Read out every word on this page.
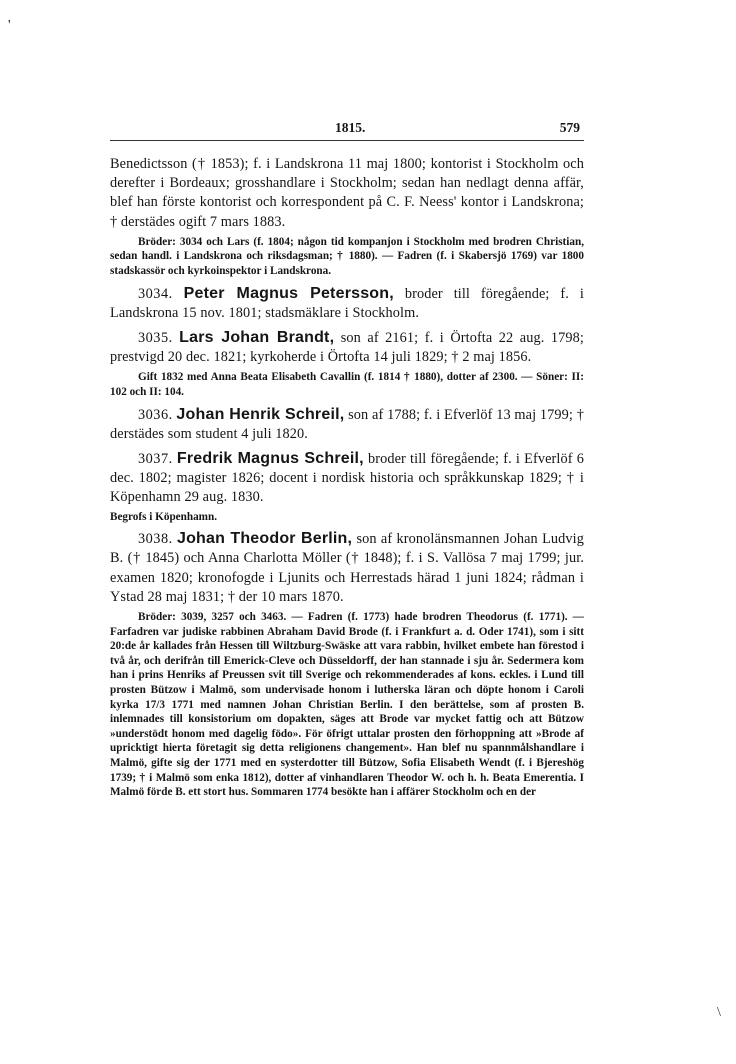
'
\
1815.	579

Benedictsson († 1853); f. i Landskrona 11 maj 1800; kontorist i Stockholm och derefter i Bordeaux; grosshandlare i Stockholm; sedan han nedlagt denna affär, blef han förste kontorist och korrespondent på C. F. Neess' kontor i Landskrona; † derstädes ogift 7 mars 1883.

Bröder: 3034 och Lars (f. 1804; någon tid kompanjon i Stockholm med brodren Christian, sedan handl. i Landskrona och riksdagsman; † 1880). — Fadren (f. i Skabersjö 1769) var 1800 stadskassör och kyrkoinspektor i Landskrona.

3034. Peter Magnus Petersson, broder till föregående; f. i Landskrona 15 nov. 1801; stadsmäklare i Stockholm.

3035. Lars Johan Brandt, son af 2161; f. i Örtofta 22 aug. 1798; prestvigd 20 dec. 1821; kyrkoherde i Örtofta 14 juli 1829; † 2 maj 1856.

Gift 1832 med Anna Beata Elisabeth Cavallin (f. 1814 † 1880), dotter af 2300. — Söner: II: 102 och II: 104.

3036. Johan Henrik Schreil, son af 1788; f. i Efverlöf 13 maj 1799; † derstädes som student 4 juli 1820.

3037. Fredrik Magnus Schreil, broder till föregående; f. i Efverlöf 6 dec. 1802; magister 1826; docent i nordisk historia och språkkunskap 1829; † i Köpenhamn 29 aug. 1830.

Begrofs i Köpenhamn.

3038. Johan Theodor Berlin, son af kronolänsmannen Johan Ludvig B. († 1845) och Anna Charlotta Möller († 1848); f. i S. Vallösa 7 maj 1799; jur. examen 1820; kronofogde i Ljunits och Herrestads härad 1 juni 1824; rådman i Ystad 28 maj 1831; † der 10 mars 1870.

Bröder: 3039, 3257 och 3463. — Fadren (f. 1773) hade brodren Theodorus (f. 1771). — Farfadren var judiske rabbinen Abraham David Brode (f. i Frankfurt a. d. Oder 1741), som i sitt 20:de år kallades från Hessen till Wiltzburg-Swäske att vara rabbin, hvilket embete han förestod i två år, och derifrån till Emerick-Cleve och Düsseldorff, der han stannade i sju år. Sedermera kom han i prins Henriks af Preussen svit till Sverige och rekommenderades af kons. eckles. i Lund till prosten Bützow i Malmö, som undervisade honom i lutherska läran och döpte honom i Caroli kyrka 17/3 1771 med namnen Johan Christian Berlin. I den berättelse, som af prosten B. inlemnades till konsistorium om dopakten, säges att Brode var mycket fattig och att Bützow »understödt honom med dagelig födo». För öfrigt uttalar prosten den förhoppning att »Brode af upricktigt hierta företagit sig detta religionens changement». Han blef nu spannmålshandlare i Malmö, gifte sig der 1771 med en systerdotter till Bützow, Sofia Elisabeth Wendt (f. i Bjereshög 1739; † i Malmö som enka 1812), dotter af vinhandlaren Theodor W. och h. h. Beata Emerentia. I Malmö förde B. ett stort hus. Sommaren 1774 besökte han i affärer Stockholm och en der
